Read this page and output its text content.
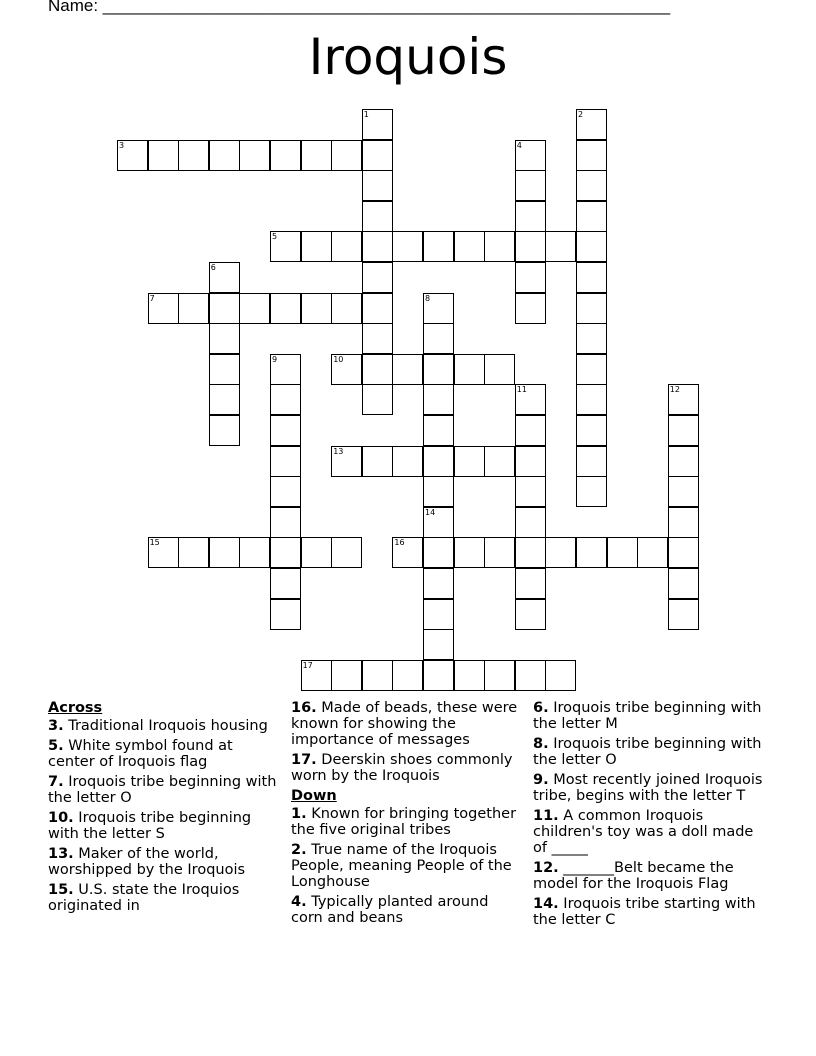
Name: ____________________________________________________________
Iroquois
3
5
7
10
13
15	16
17
1	2
4
6
8
14
9
11	12
Across
3. Traditional Iroquois housing
5. White symbol found at center of Iroquois flag
7. Iroquois tribe beginning with the letter O
10. Iroquois tribe beginning with the letter S
13. Maker of the world, worshipped by the Iroquois
15. U.S. state the Iroquios originated in
16. Made of beads, these were known for showing the importance of messages
17. Deerskin shoes commonly worn by the Iroquois
Down
1. Known for bringing together the five original tribes
2. True name of the Iroquois People, meaning People of the Longhouse
4. Typically planted around corn and beans
6. Iroquois tribe beginning with the letter M
8. Iroquois tribe beginning with the letter O
9. Most recently joined Iroquois tribe, begins with the letter T
11. A common Iroquois children's toy was a doll made of _____
12. _______Belt became the model for the Iroquois Flag
14. Iroquois tribe starting with the letter C
